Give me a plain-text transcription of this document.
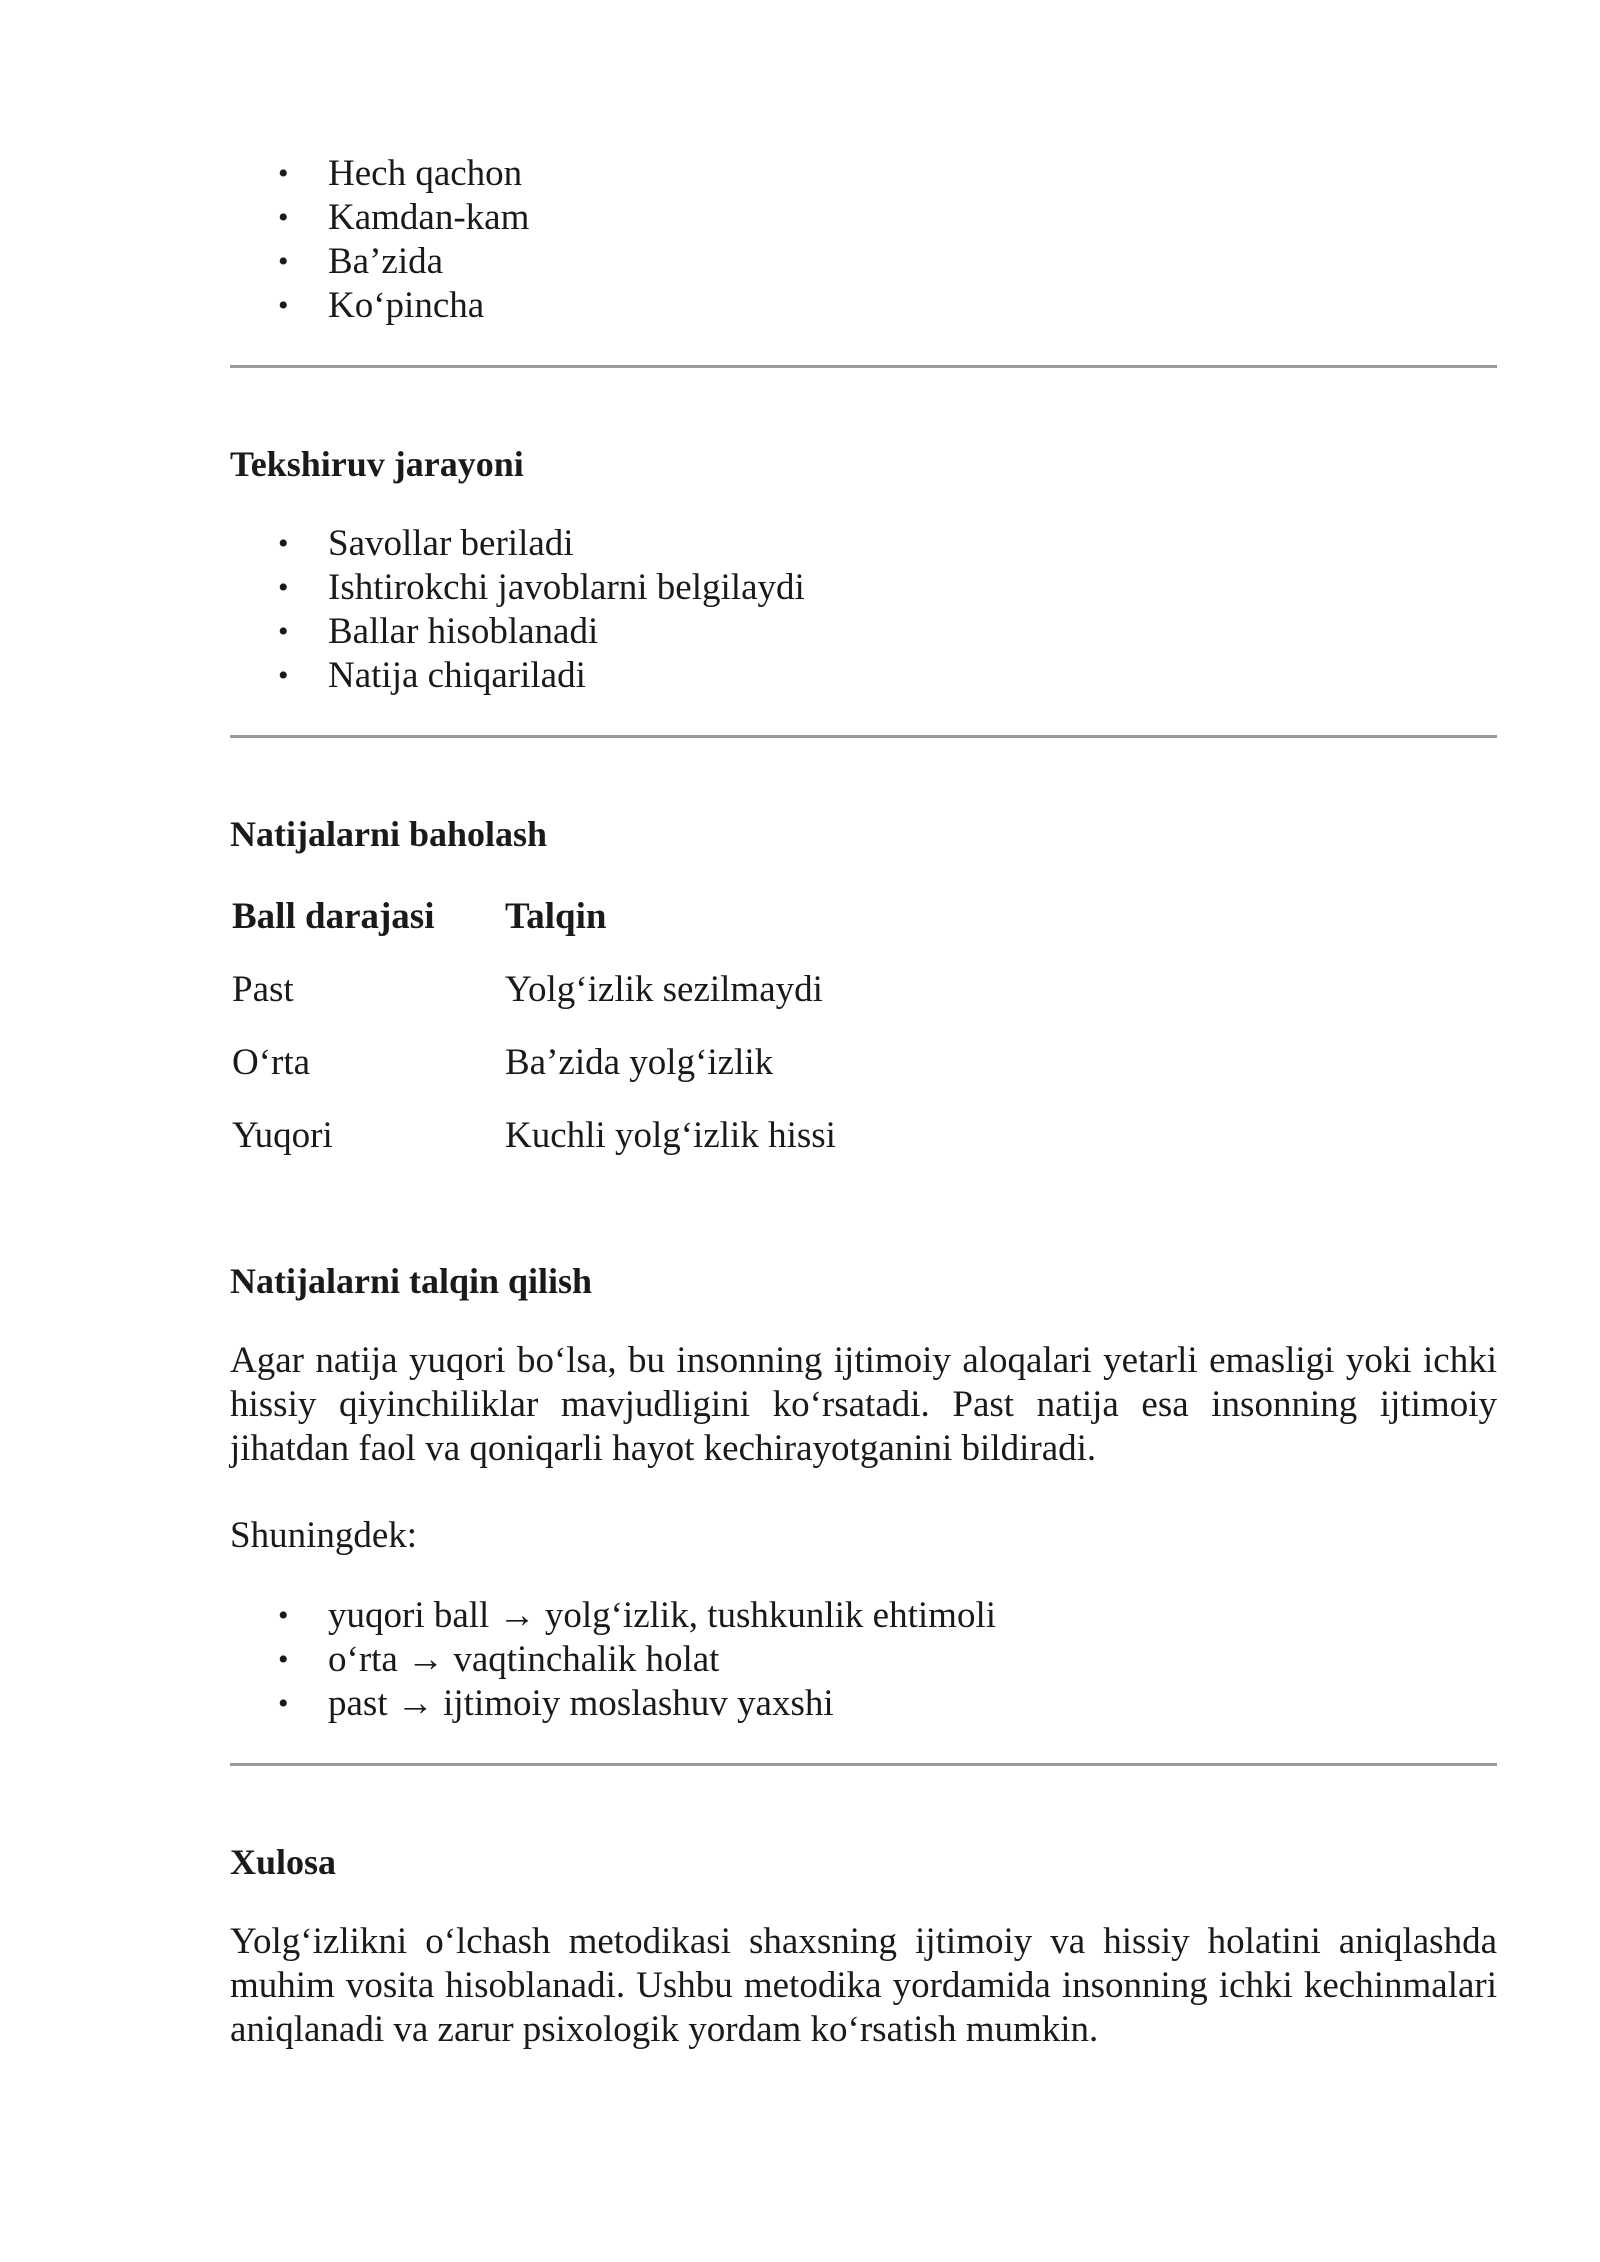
• Hech qachon
• Kamdan-kam
• Ba’zida
• Ko‘pincha
Tekshiruv jarayoni
• Savollar beriladi
• Ishtirokchi javoblarni belgilaydi
• Ballar hisoblanadi
• Natija chiqariladi
Natijalarni baholash
Ball darajasi	Talqin
Past	Yolg‘izlik sezilmaydi
O‘rta	Ba’zida yolg‘izlik
Yuqori	Kuchli yolg‘izlik hissi
Natijalarni talqin qilish

Agar natija yuqori bo‘lsa, bu insonning ijtimoiy aloqalari yetarli emasligi yoki ichki hissiy qiyinchiliklar mavjudligini ko‘rsatadi. Past natija esa insonning ijtimoiy jihatdan faol va qoniqarli hayot kechirayotganini bildiradi.

Shuningdek:

• yuqori ball → yolg‘izlik, tushkunlik ehtimoli
• o‘rta → vaqtinchalik holat
• past → ijtimoiy moslashuv yaxshi
Xulosa

Yolg‘izlikni o‘lchash metodikasi shaxsning ijtimoiy va hissiy holatini aniqlashda muhim vosita hisoblanadi. Ushbu metodika yordamida insonning ichki kechinmalari aniqlanadi va zarur psixologik yordam ko‘rsatish mumkin.
